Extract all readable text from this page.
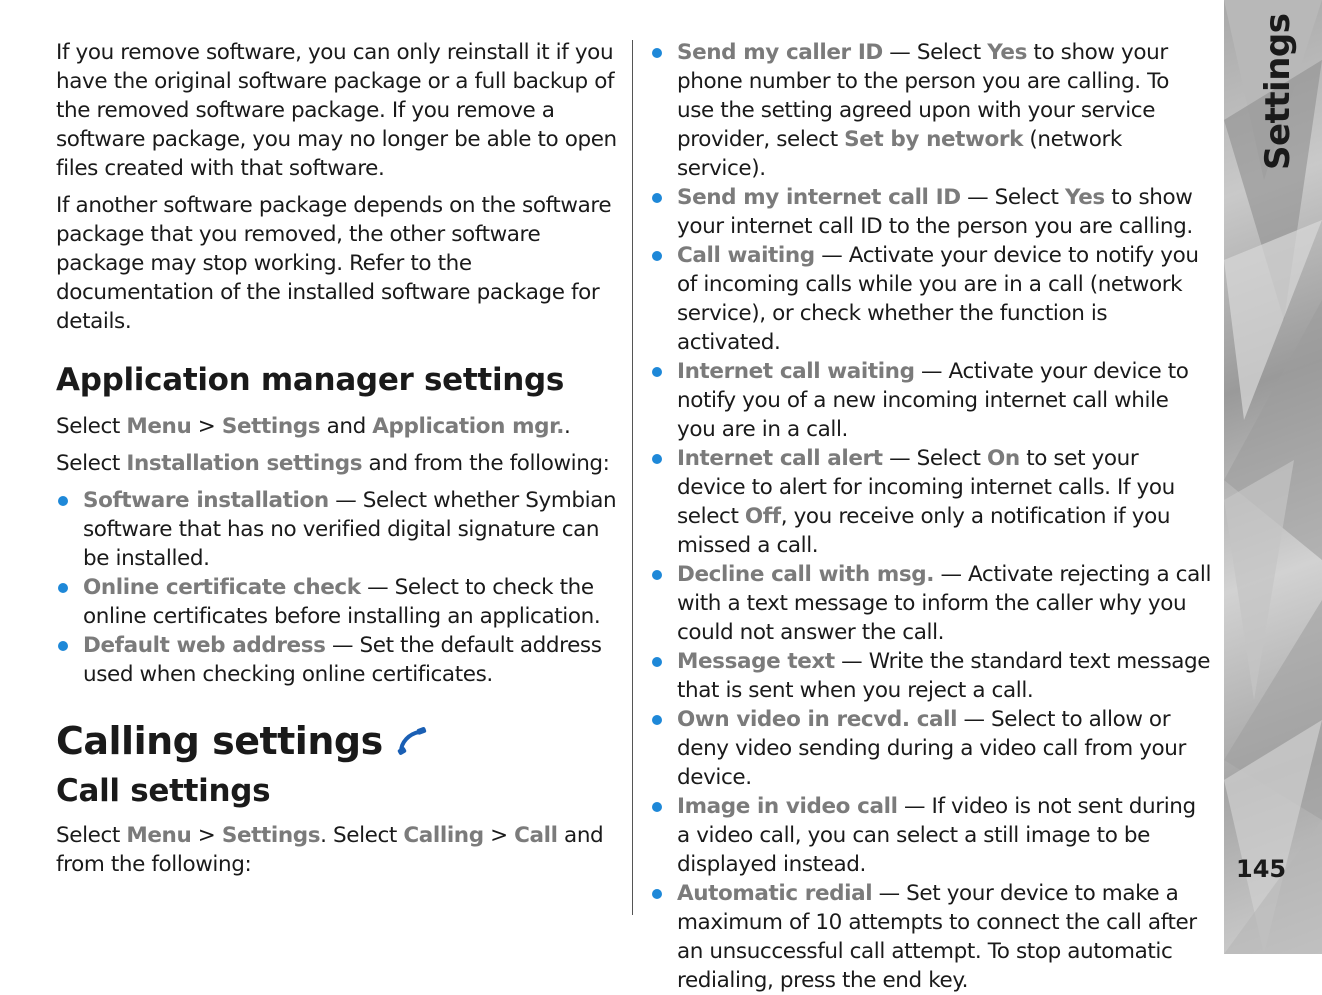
If you remove software, you can only reinstall it if you have the original software package or a full backup of the removed software package. If you remove a software package, you may no longer be able to open files created with that software.

If another software package depends on the software package that you removed, the other software package may stop working. Refer to the documentation of the installed software package for details.

Application manager settings

Select Menu > Settings and Application mgr..

Select Installation settings and from the following:

Software installation — Select whether Symbian software that has no verified digital signature can be installed.
Online certificate check — Select to check the online certificates before installing an application.
Default web address — Set the default address used when checking online certificates.
Calling settings
Call settings

Select Menu > Settings. Select Calling > Call and from the following:

Send my caller ID — Select Yes to show your phone number to the person you are calling. To use the setting agreed upon with your service provider, select Set by network (network service).
Send my internet call ID — Select Yes to show your internet call ID to the person you are calling.
Call waiting — Activate your device to notify you of incoming calls while you are in a call (network service), or check whether the function is activated.
Internet call waiting — Activate your device to notify you of a new incoming internet call while you are in a call.
Internet call alert — Select On to set your device to alert for incoming internet calls. If you select Off, you receive only a notification if you missed a call.
Decline call with msg. — Activate rejecting a call with a text message to inform the caller why you could not answer the call.
Message text — Write the standard text message that is sent when you reject a call.
Own video in recvd. call — Select to allow or deny video sending during a video call from your device.
Image in video call — If video is not sent during a video call, you can select a still image to be displayed instead.
Automatic redial — Set your device to make a maximum of 10 attempts to connect the call after an unsuccessful call attempt. To stop automatic redialing, press the end key.
Settings
145
